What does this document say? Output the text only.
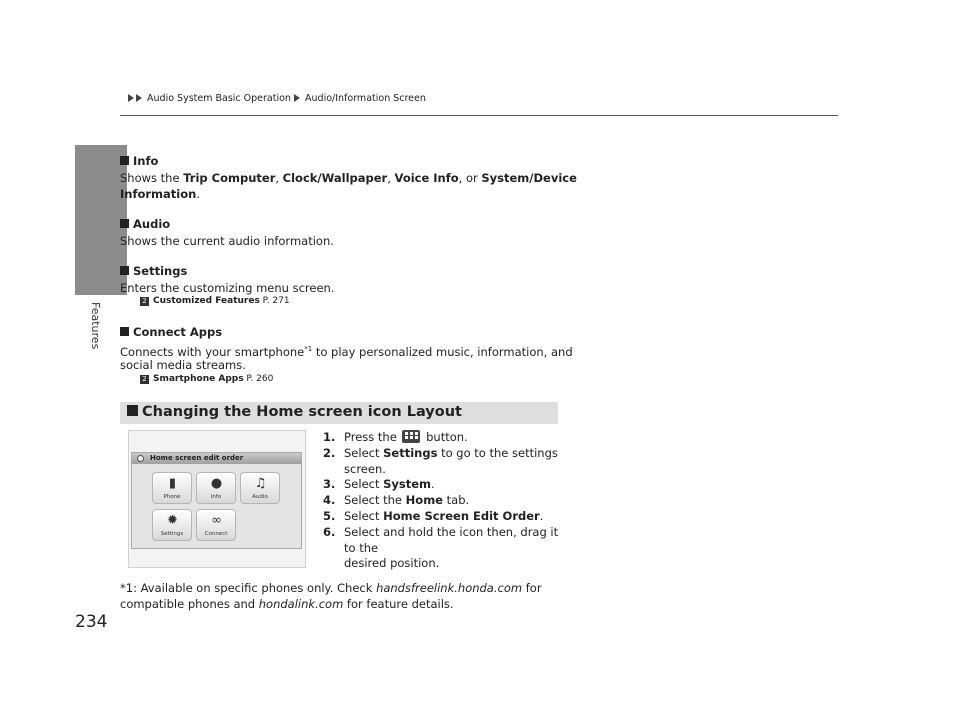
Audio System Basic Operation Audio/Information Screen
Features
Info
Shows the Trip Computer, Clock/Wallpaper, Voice Info, or System/Device
Information.
Audio
Shows the current audio information.
Settings
Enters the customizing menu screen.
Connect Apps
Connects with your smartphone$^{*1}$ to play personalized music, information, and
social media streams.
2 Customized Features P. 271
2 Smartphone Apps P. 260
Changing the Home screen icon Layout
Home screen edit order
▮
Phone
●
Info
♫
Audio
✹
Settings
∞
Connect
1. Press the
button.
2. Select Settings to go to the settings screen.
3. Select System.
4. Select the Home tab.
5. Select Home Screen Edit Order.
6. Select and hold the icon then, drag it to the
desired position.
*1: Available on specific phones only. Check handsfreelink.honda.com for
compatible phones and hondalink.com for feature details.
234
